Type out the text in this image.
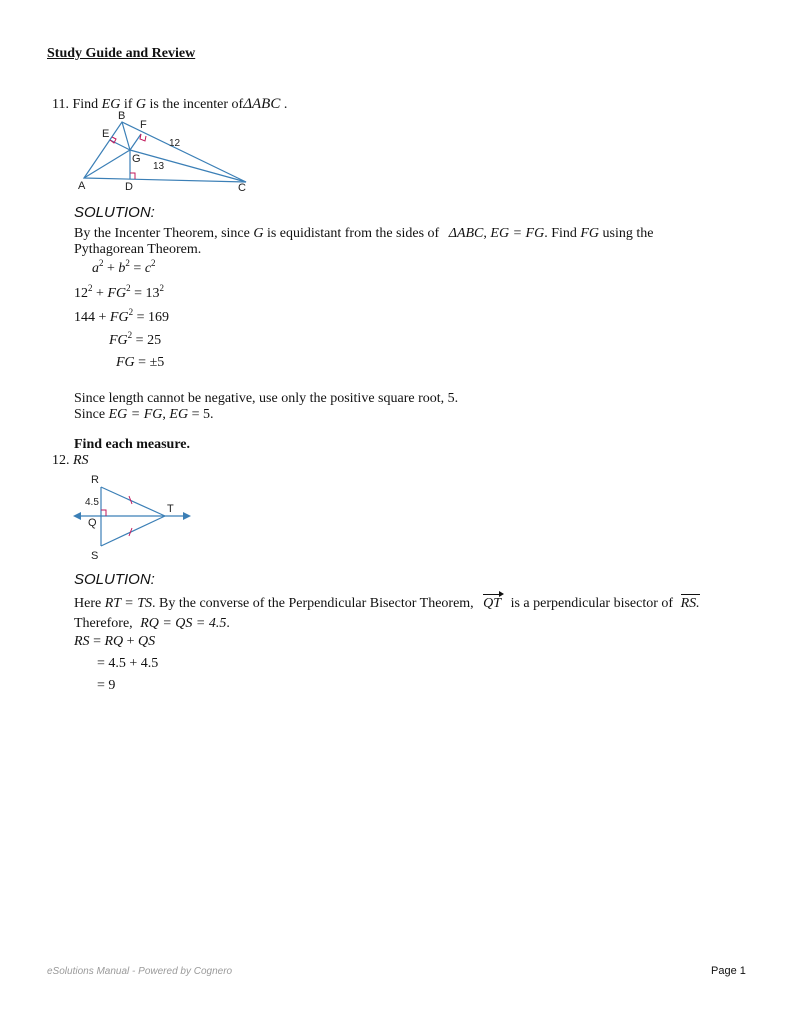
Study Guide and Review
11. Find EG if G is the incenter ofΔABC .
A
B
C
D
E
F
G
12
13
SOLUTION:
By the Incenter Theorem, since G is equidistant from the sides of ΔABC, EG = FG. Find FG using the
Pythagorean Theorem.
$a^2 + b^2 = c^2$
$12^2 + FG^2 = 13^2$
$144 + FG^2 = 169$
$FG^2 = 25$
FG = ±5
Since length cannot be negative, use only the positive square root, 5.
Since EG = FG, EG = 5.
Find each measure.
12. RS
R
Q
S
T
4.5
SOLUTION:
Here RT = TS. By the converse of the Perpendicular Bisector Theorem, QT is a perpendicular bisector of RS.
Therefore, RQ = QS = 4.5.
RS = RQ + QS
= 4.5 + 4.5
= 9
eSolutions Manual - Powered by Cognero	Page 1
